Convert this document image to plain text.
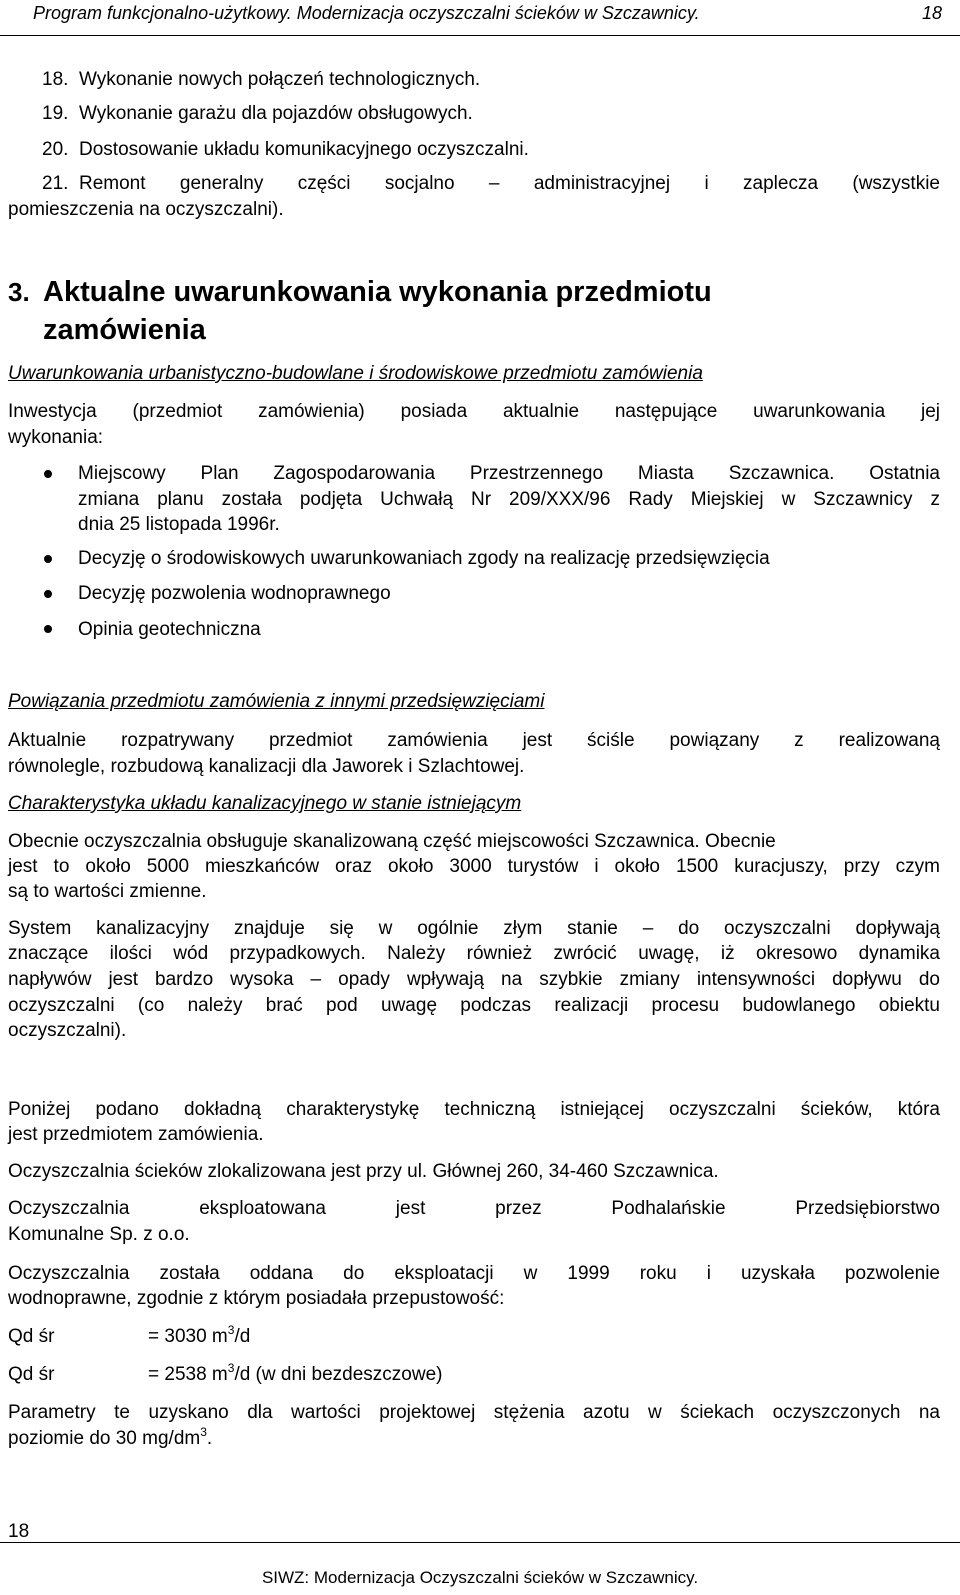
Program funkcjonalno-użytkowy. Modernizacja oczyszczalni ścieków w Szczawnicy.	18

18. Wykonanie nowych połączeń technologicznych.

19. Wykonanie garażu dla pojazdów obsługowych.

20. Dostosowanie układu komunikacyjnego oczyszczalni.

21. Remont generalny części socjalno – administracyjnej i zaplecza (wszystkie

pomieszczenia na oczyszczalni).

3. Aktualne uwarunkowania wykonania przedmiotu
zamówienia

Uwarunkowania urbanistyczno-budowlane i środowiskowe przedmiotu zamówienia

Inwestycja (przedmiot zamówienia) posiada aktualnie następujące uwarunkowania jej

wykonania:

Miejscowy Plan Zagospodarowania Przestrzennego Miasta Szczawnica. Ostatnia

zmiana planu została podjęta Uchwałą Nr 209/XXX/96 Rady Miejskiej w Szczawnicy z

dnia 25 listopada 1996r.

Decyzję o środowiskowych uwarunkowaniach zgody na realizację przedsięwzięcia

Decyzję pozwolenia wodnoprawnego

Opinia geotechniczna

Powiązania przedmiotu zamówienia z innymi przedsięwzięciami

Aktualnie rozpatrywany przedmiot zamówienia jest ściśle powiązany z realizowaną

równolegle, rozbudową kanalizacji dla Jaworek i Szlachtowej.

Charakterystyka układu kanalizacyjnego w stanie istniejącym

Obecnie oczyszczalnia obsługuje skanalizowaną część miejscowości Szczawnica. Obecnie

jest to około 5000 mieszkańców oraz około 3000 turystów i około 1500 kuracjuszy, przy czym

są to wartości zmienne.

System kanalizacyjny znajduje się w ogólnie złym stanie – do oczyszczalni dopływają

znaczące ilości wód przypadkowych. Należy również zwrócić uwagę, iż okresowo dynamika

napływów jest bardzo wysoka – opady wpływają na szybkie zmiany intensywności dopływu do

oczyszczalni (co należy brać pod uwagę podczas realizacji procesu budowlanego obiektu

oczyszczalni).

Poniżej podano dokładną charakterystykę techniczną istniejącej oczyszczalni ścieków, która

jest przedmiotem zamówienia.

Oczyszczalnia ścieków zlokalizowana jest przy ul. Głównej 260, 34-460 Szczawnica.

Oczyszczalnia eksploatowana jest przez Podhalańskie Przedsiębiorstwo

Komunalne Sp. z o.o.

Oczyszczalnia została oddana do eksploatacji w 1999 roku i uzyskała pozwolenie

wodnoprawne, zgodnie z którym posiadała przepustowość:

Qd śr	= 3030 $m^3/d$

Qd śr	= 2538 $m^3/d$ (w dni bezdeszczowe)

Parametry te uzyskano dla wartości projektowej stężenia azotu w ściekach oczyszczonych na

poziomie do 30 $mg/dm^3$.

18
SIWZ: Modernizacja Oczyszczalni ścieków w Szczawnicy.
